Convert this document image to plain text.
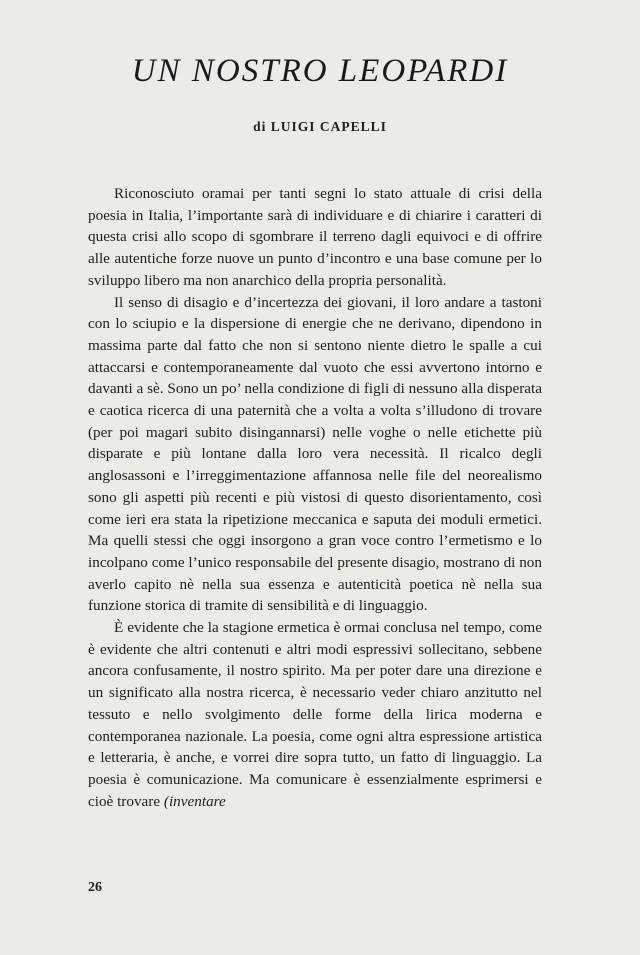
UN NOSTRO LEOPARDI
di LUIGI CAPELLI

Riconosciuto oramai per tanti segni lo stato attuale di crisi della poesia in Italia, l’importante sarà di individuare e di chiarire i caratteri di questa crisi allo scopo di sgombrare il terreno dagli equivoci e di offrire alle autentiche forze nuove un punto d’incontro e una base comune per lo sviluppo libero ma non anarchico della propria personalità.

Il senso di disagio e d’incertezza dei giovani, il loro andare a tastoni con lo sciupio e la dispersione di energie che ne derivano, dipendono in massima parte dal fatto che non si sentono niente dietro le spalle a cui attaccarsi e contemporaneamente dal vuoto che essi avvertono intorno e davanti a sè. Sono un po’ nella condizione di figli di nessuno alla disperata e caotica ricerca di una paternità che a volta a volta s’illudono di trovare (per poi magari subito disingannarsi) nelle voghe o nelle etichette più disparate e più lontane dalla loro vera necessità. Il ricalco degli anglosassoni e l’irreggimentazione affannosa nelle file del neorealismo sono gli aspetti più recenti e più vistosi di questo disorientamento, così come ieri era stata la ripetizione meccanica e saputa dei moduli ermetici. Ma quelli stessi che oggi insorgono a gran voce contro l’ermetismo e lo incolpano come l’unico responsabile del presente disagio, mostrano di non averlo capito nè nella sua essenza e autenticità poetica nè nella sua funzione storica di tramite di sensibilità e di linguaggio.

È evidente che la stagione ermetica è ormai conclusa nel tempo, come è evidente che altri contenuti e altri modi espressivi sollecitano, sebbene ancora confusamente, il nostro spirito. Ma per poter dare una direzione e un significato alla nostra ricerca, è necessario veder chiaro anzitutto nel tessuto e nello svolgimento delle forme della lirica moderna e contemporanea nazionale. La poesia, come ogni altra espressione artistica e letteraria, è anche, e vorrei dire sopra tutto, un fatto di linguaggio. La poesia è comunicazione. Ma comunicare è essenzialmente esprimersi e cioè trovare (inventare

26
